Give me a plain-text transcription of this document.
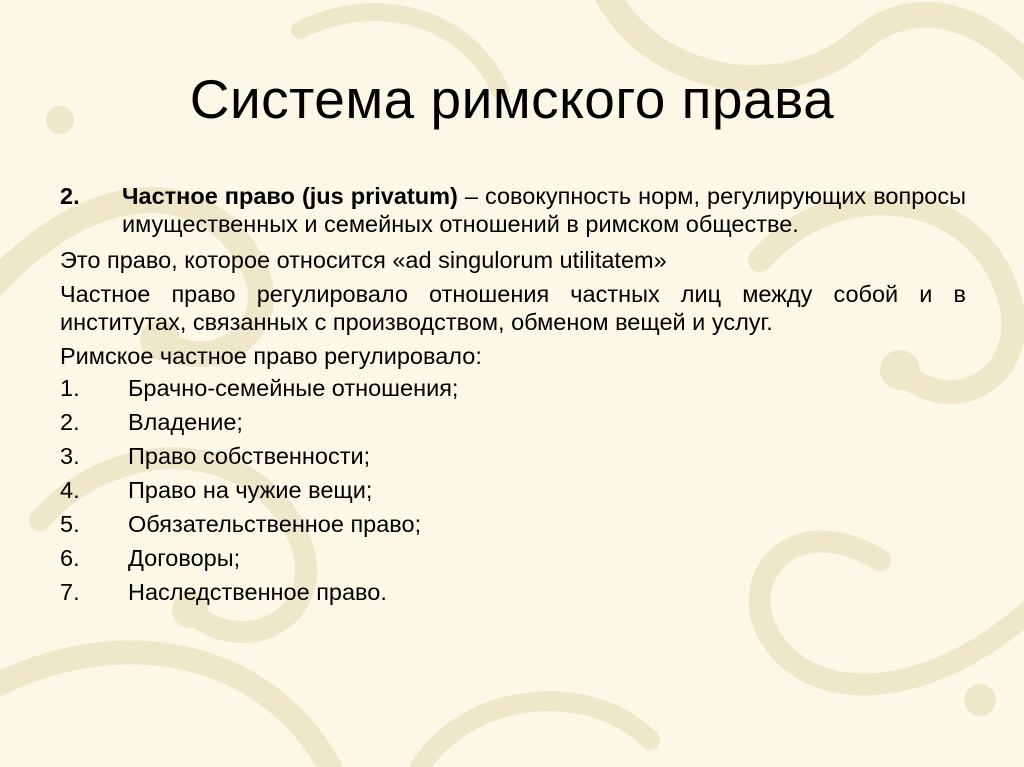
Система римского права
2.	Частное право (jus privatum) – совокупность норм, регулирующих вопросы имущественных и семейных отношений в римском обществе.

Это право, которое относится «ad singulorum utilitatem»

Частное право регулировало отношения частных лиц между собой и в институтах, связанных с производством, обменом вещей и услуг.

Римское частное право регулировало:

1.	Брачно-семейные отношения;
2.	Владение;
3.	Право собственности;
4.	Право на чужие вещи;
5.	Обязательственное право;
6.	Договоры;
7.	Наследственное право.
